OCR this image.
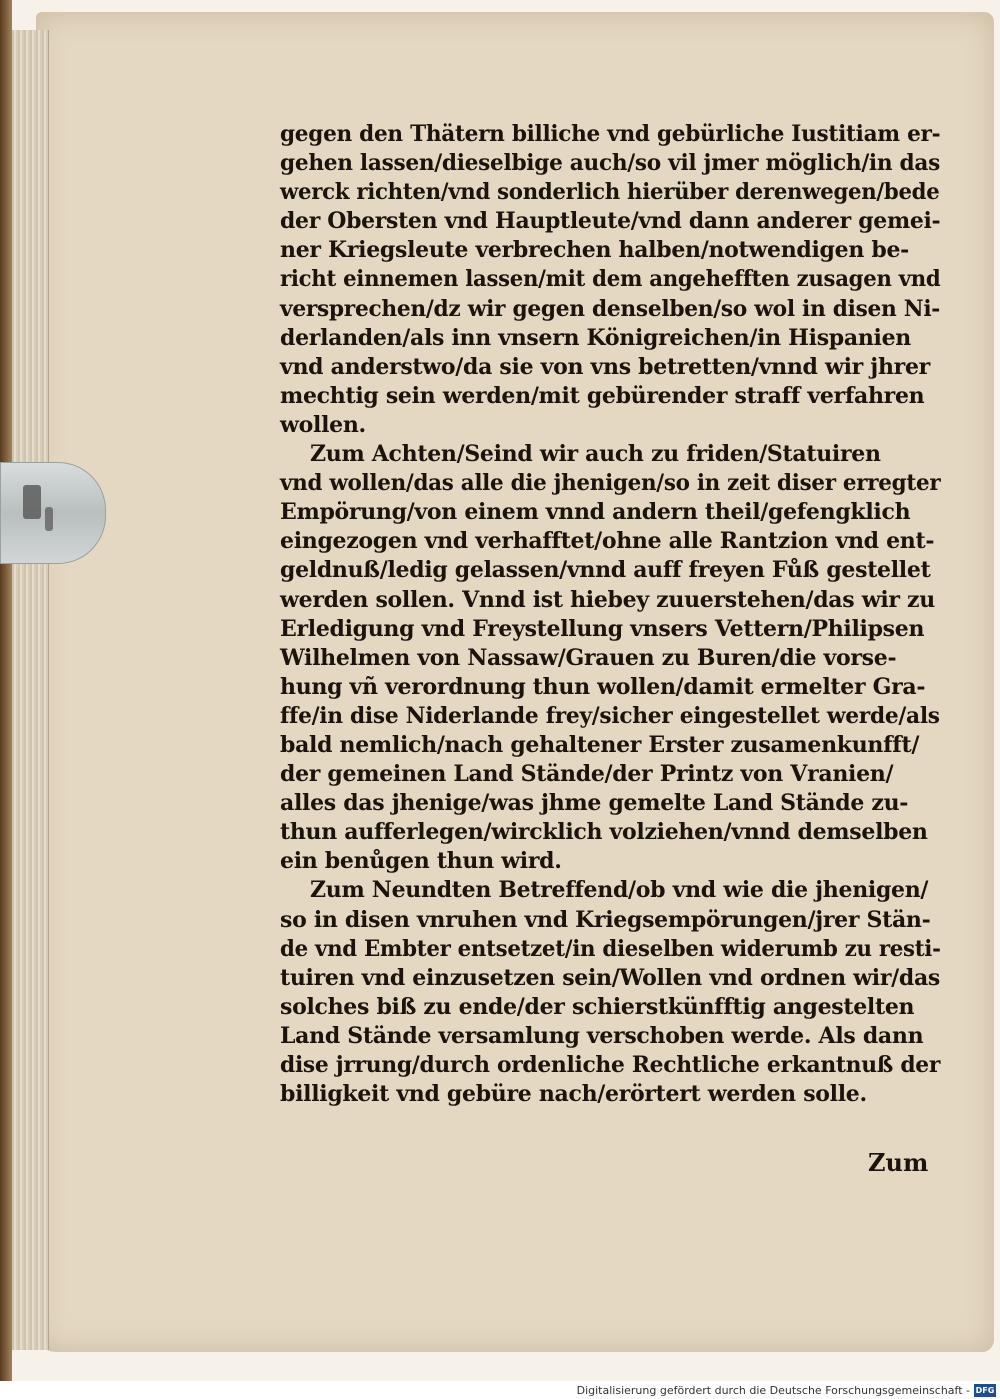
gegen den Thätern billiche vnd gebürliche Iustitiam er-
gehen lassen/dieselbige auch/so vil jmer möglich/in das
werck richten/vnd sonderlich hierüber derenwegen/bede
der Obersten vnd Hauptleute/vnd dann anderer gemei-
ner Kriegsleute verbrechen halben/notwendigen be-
richt einnemen lassen/mit dem angehefften zusagen vnd
versprechen/dz wir gegen denselben/so wol in disen Ni-
derlanden/als inn vnsern Königreichen/in Hispanien
vnd anderstwo/da sie von vns betretten/vnnd wir jhrer
mechtig sein werden/mit gebürender straff verfahren
wollen.
Zum Achten/Seind wir auch zu friden/Statuiren
vnd wollen/das alle die jhenigen/so in zeit diser erregter
Empörung/von einem vnnd andern theil/gefengklich
eingezogen vnd verhafftet/ohne alle Rantzion vnd ent-
geldnuß/ledig gelassen/vnnd auff freyen Fůß gestellet
werden sollen. Vnnd ist hiebey zuuerstehen/das wir zu
Erledigung vnd Freystellung vnsers Vettern/Philipsen
Wilhelmen von Nassaw/Grauen zu Buren/die vorse-
hung vñ verordnung thun wollen/damit ermelter Gra-
ffe/in dise Niderlande frey/sicher eingestellet werde/als
bald nemlich/nach gehaltener Erster zusamenkunfft/
der gemeinen Land Stände/der Printz von Vranien/
alles das jhenige/was jhme gemelte Land Stände zu-
thun aufferlegen/wircklich volziehen/vnnd demselben
ein benůgen thun wird.
Zum Neundten Betreffend/ob vnd wie die jhenigen/
so in disen vnruhen vnd Kriegsempörungen/jrer Stän-
de vnd Embter entsetzet/in dieselben widerumb zu resti-
tuiren vnd einzusetzen sein/Wollen vnd ordnen wir/das
solches biß zu ende/der schierstkünfftig angestelten
Land Stände versamlung verschoben werde. Als dann
dise jrrung/durch ordenliche Rechtliche erkantnuß der
billigkeit vnd gebüre nach/erörtert werden solle.
Zum
Digitalisierung gefördert durch die Deutsche Forschungsgemeinschaft - DFG
